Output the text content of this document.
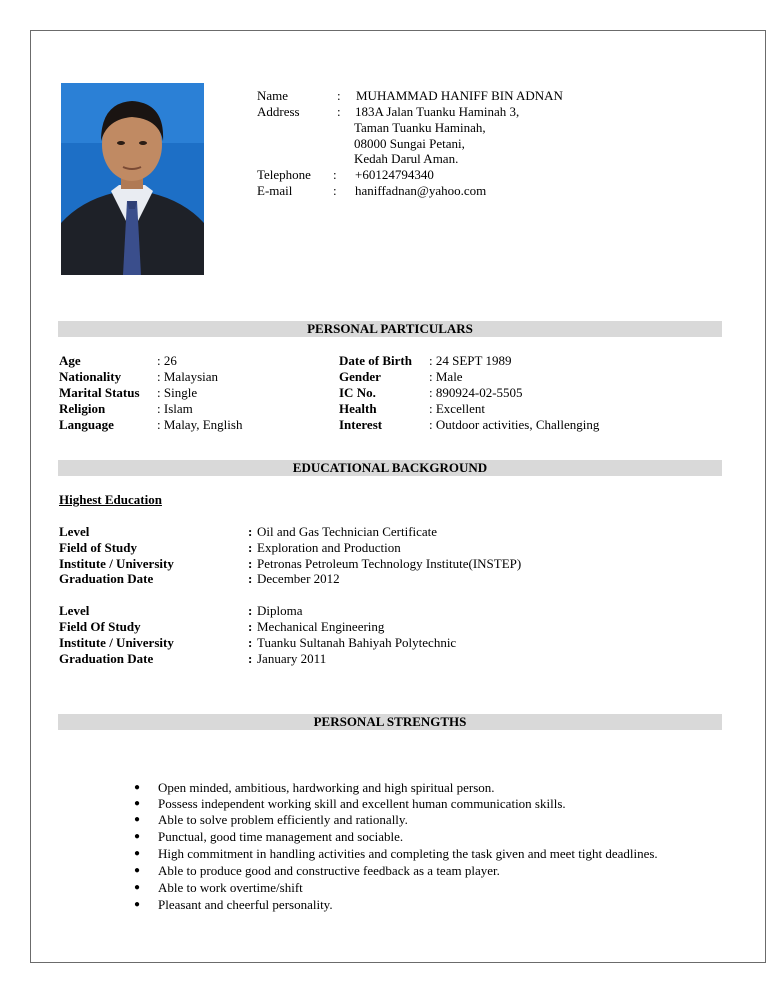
Name	: MUHAMMAD HANIFF BIN ADNAN
Address	: 183A Jalan Tuanku Haminah 3,
Taman Tuanku Haminah,
08000 Sungai Petani,
Kedah Darul Aman.
Telephone : +60124794340
E-mail	: haniffadnan@yahoo.com
PERSONAL PARTICULARS
Age	: 26
Nationality	: Malaysian
Marital Status : Single
Religion	: Islam
Language	: Malay, English
Date of Birth : 24 SEPT 1989
Gender	: Male
IC No.	: 890924-02-5505
Health	: Excellent
Interest	: Outdoor activities, Challenging
EDUCATIONAL BACKGROUND
Highest Education
Level	: Oil and Gas Technician Certificate
Field of Study	: Exploration and Production
Institute / University	: Petronas Petroleum Technology Institute(INSTEP)
Graduation Date	: December 2012
Level	: Diploma
Field Of Study	: Mechanical Engineering
Institute / University	: Tuanku Sultanah Bahiyah Polytechnic
Graduation Date	: January 2011
PERSONAL STRENGTHS
● Open minded, ambitious, hardworking and high spiritual person.
● Possess independent working skill and excellent human communication skills.
● Able to solve problem efficiently and rationally.
● Punctual, good time management and sociable.
● High commitment in handling activities and completing the task given and meet tight deadlines.
● Able to produce good and constructive feedback as a team player.
● Able to work overtime/shift
● Pleasant and cheerful personality.
